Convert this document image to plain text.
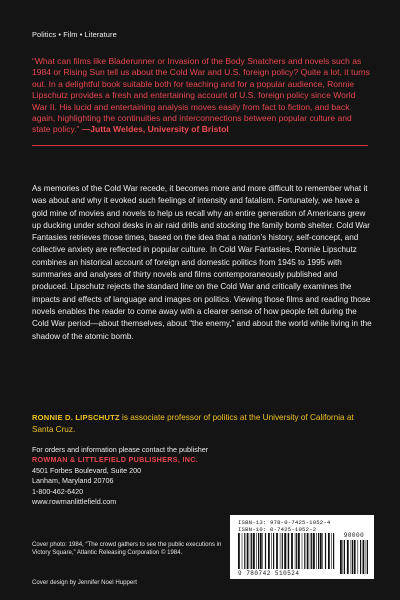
Politics • Film • Literature
“What can films like Bladerunner or Invasion of the Body Snatchers and novels such as 1984 or Rising Sun tell us about the Cold War and U.S. foreign policy? Quite a lot, it turns out. In a delightful book suitable both for teaching and for a popular audience, Ronnie Lipschutz provides a fresh and entertaining account of U.S. foreign policy since World War II. His lucid and entertaining analysis moves easily from fact to fiction, and back again, highlighting the continuities and interconnections between popular culture and state policy.” —Jutta Weldes, University of Bristol
As memories of the Cold War recede, it becomes more and more difficult to remember what it was about and why it evoked such feelings of intensity and fatalism. Fortunately, we have a gold mine of movies and novels to help us recall why an entire generation of Americans grew up ducking under school desks in air raid drills and stocking the family bomb shelter. Cold War Fantasies retrieves those times, based on the idea that a nation’s history, self-concept, and collective anxiety are reflected in popular culture. In Cold War Fantasies, Ronnie Lipschutz combines an historical account of foreign and domestic politics from 1945 to 1995 with summaries and analyses of thirty novels and films contemporaneously published and produced. Lipschutz rejects the standard line on the Cold War and critically examines the impacts and effects of language and images on politics. Viewing those films and reading those novels enables the reader to come away with a clearer sense of how people felt during the Cold War period—about themselves, about “the enemy,” and about the world while living in the shadow of the atomic bomb.
RONNIE D. LIPSCHUTZ is associate professor of politics at the University of California at Santa Cruz.
For orders and information please contact the publisher
ROWMAN & LITTLEFIELD PUBLISHERS, INC.
4501 Forbes Boulevard, Suite 200
Lanham, Maryland 20706
1-800-462-6420
www.rowmanlittlefield.com
Cover photo: 1984, “The crowd gathers to see the public executions in Victory Square,” Atlantic Releasing Corporation © 1984.
Cover design by Jennifer Noel Huppert
ISBN-13: 978-0-7425-1052-4
ISBN-10: 0-7425-1052-2
9 780742 510524
90000
